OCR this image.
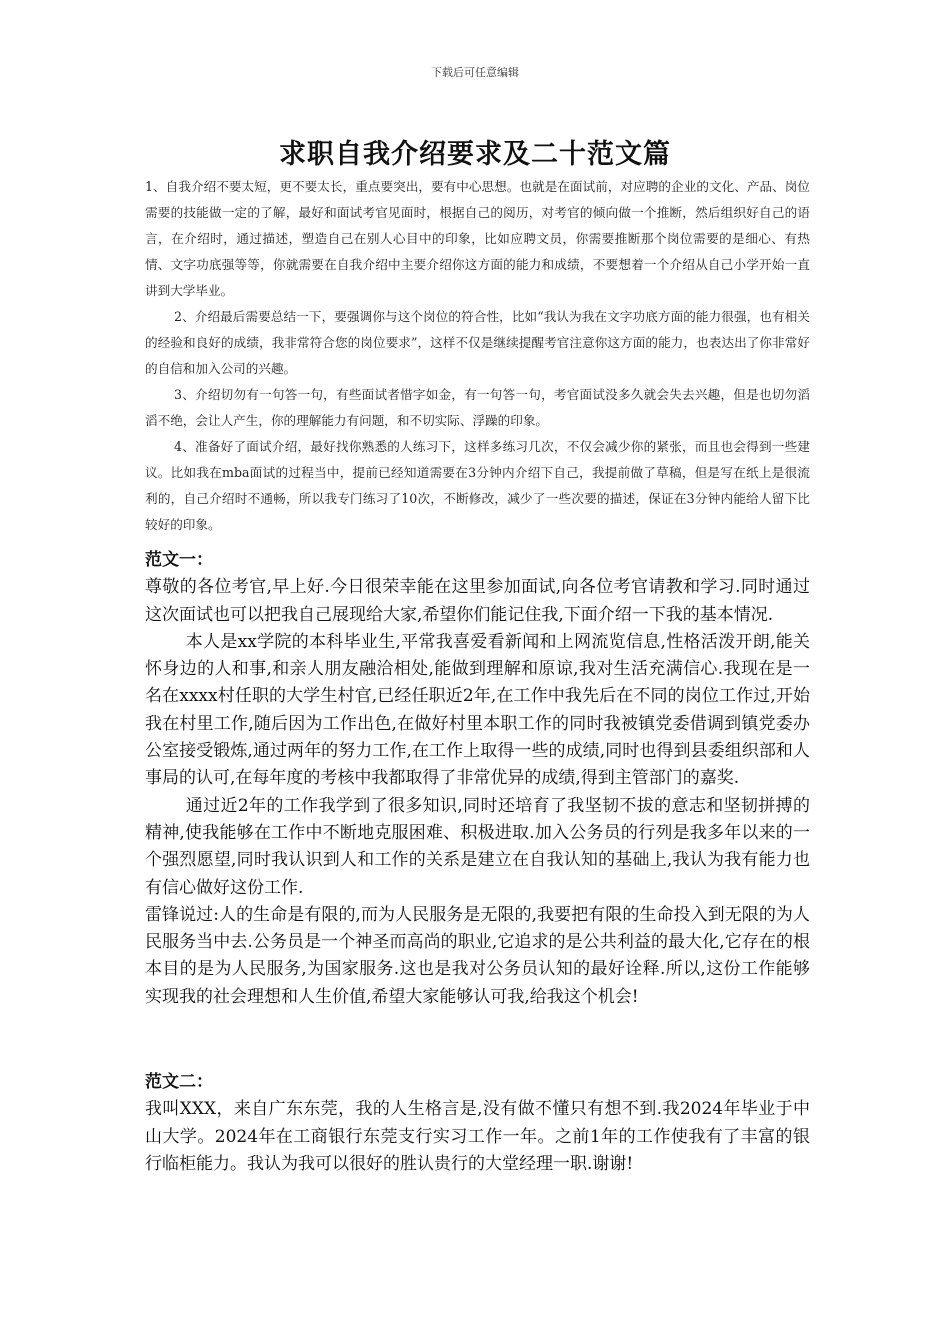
下载后可任意编辑
求职自我介绍要求及二十范文篇

1、自我介绍不要太短，更不要太长，重点要突出，要有中心思想。也就是在面试前，对应聘的企业的文化、产品、岗位需要的技能做一定的了解，最好和面试考官见面时，根据自己的阅历，对考官的倾向做一个推断，然后组织好自己的语言，在介绍时，通过描述，塑造自己在别人心目中的印象，比如应聘文员，你需要推断那个岗位需要的是细心、有热情、文字功底强等等，你就需要在自我介绍中主要介绍你这方面的能力和成绩，不要想着一个介绍从自己小学开始一直讲到大学毕业。

2、介绍最后需要总结一下，要强调你与这个岗位的符合性，比如“我认为我在文字功底方面的能力很强，也有相关的经验和良好的成绩，我非常符合您的岗位要求”，这样不仅是继续提醒考官注意你这方面的能力，也表达出了你非常好的自信和加入公司的兴趣。

3、介绍切勿有一句答一句，有些面试者惜字如金，有一句答一句，考官面试没多久就会失去兴趣，但是也切勿滔滔不绝，会让人产生，你的理解能力有问题，和不切实际、浮躁的印象。

4、准备好了面试介绍，最好找你熟悉的人练习下，这样多练习几次，不仅会减少你的紧张，而且也会得到一些建议。比如我在mba面试的过程当中，提前已经知道需要在3分钟内介绍下自己，我提前做了草稿，但是写在纸上是很流利的，自己介绍时不通畅，所以我专门练习了10次，不断修改，减少了一些次要的描述，保证在3分钟内能给人留下比较好的印象。

范文一：

尊敬的各位考官,早上好.今日很荣幸能在这里参加面试,向各位考官请教和学习.同时通过这次面试也可以把我自己展现给大家,希望你们能记住我,下面介绍一下我的基本情况.

本人是xx学院的本科毕业生,平常我喜爱看新闻和上网流览信息,性格活泼开朗,能关怀身边的人和事,和亲人朋友融洽相处,能做到理解和原谅,我对生活充满信心.我现在是一名在xxxx村任职的大学生村官,已经任职近2年,在工作中我先后在不同的岗位工作过,开始我在村里工作,随后因为工作出色,在做好村里本职工作的同时我被镇党委借调到镇党委办公室接受锻炼,通过两年的努力工作,在工作上取得一些的成绩,同时也得到县委组织部和人事局的认可,在每年度的考核中我都取得了非常优异的成绩,得到主管部门的嘉奖.

通过近2年的工作我学到了很多知识,同时还培育了我坚韧不拔的意志和坚韧拼搏的精神,使我能够在工作中不断地克服困难、积极进取.加入公务员的行列是我多年以来的一个强烈愿望,同时我认识到人和工作的关系是建立在自我认知的基础上,我认为我有能力也有信心做好这份工作.

雷锋说过:人的生命是有限的,而为人民服务是无限的,我要把有限的生命投入到无限的为人民服务当中去.公务员是一个神圣而高尚的职业,它追求的是公共利益的最大化,它存在的根本目的是为人民服务,为国家服务.这也是我对公务员认知的最好诠释.所以,这份工作能够实现我的社会理想和人生价值,希望大家能够认可我,给我这个机会!

范文二：

我叫XXX，来自广东东莞，我的人生格言是,没有做不懂只有想不到.我2024年毕业于中山大学。2024年在工商银行东莞支行实习工作一年。之前1年的工作使我有了丰富的银行临柜能力。我认为我可以很好的胜认贵行的大堂经理一职.谢谢!
